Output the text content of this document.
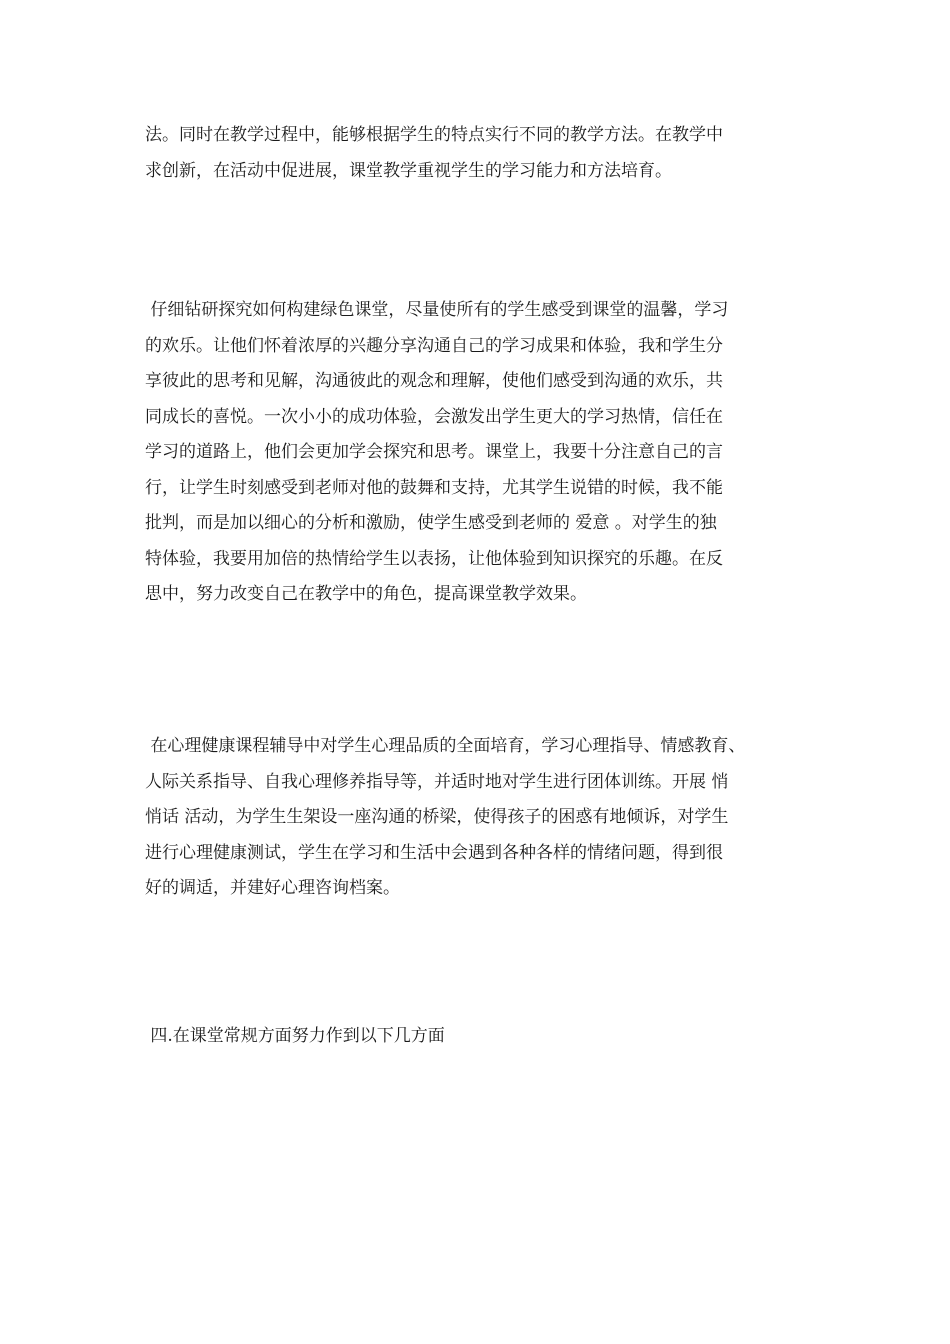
法。同时在教学过程中，能够根据学生的特点实行不同的教学方法。在教学中
求创新，在活动中促进展，课堂教学重视学生的学习能力和方法培育。
仔细钻研探究如何构建绿色课堂，尽量使所有的学生感受到课堂的温馨，学习
的欢乐。让他们怀着浓厚的兴趣分享沟通自己的学习成果和体验，我和学生分
享彼此的思考和见解，沟通彼此的观念和理解，使他们感受到沟通的欢乐，共
同成长的喜悦。一次小小的成功体验，会激发出学生更大的学习热情，信任在
学习的道路上，他们会更加学会探究和思考。课堂上，我要十分注意自己的言
行，让学生时刻感受到老师对他的鼓舞和支持，尤其学生说错的时候，我不能
批判，而是加以细心的分析和激励，使学生感受到老师的 爱意 。对学生的独
特体验，我要用加倍的热情给学生以表扬，让他体验到知识探究的乐趣。在反
思中，努力改变自己在教学中的角色，提高课堂教学效果。
在心理健康课程辅导中对学生心理品质的全面培育，学习心理指导、情感教育、
人际关系指导、自我心理修养指导等，并适时地对学生进行团体训练。开展 悄
悄话 活动，为学生生架设一座沟通的桥梁，使得孩子的困惑有地倾诉，对学生
进行心理健康测试，学生在学习和生活中会遇到各种各样的情绪问题，得到很
好的调适，并建好心理咨询档案。
四.在课堂常规方面努力作到以下几方面
